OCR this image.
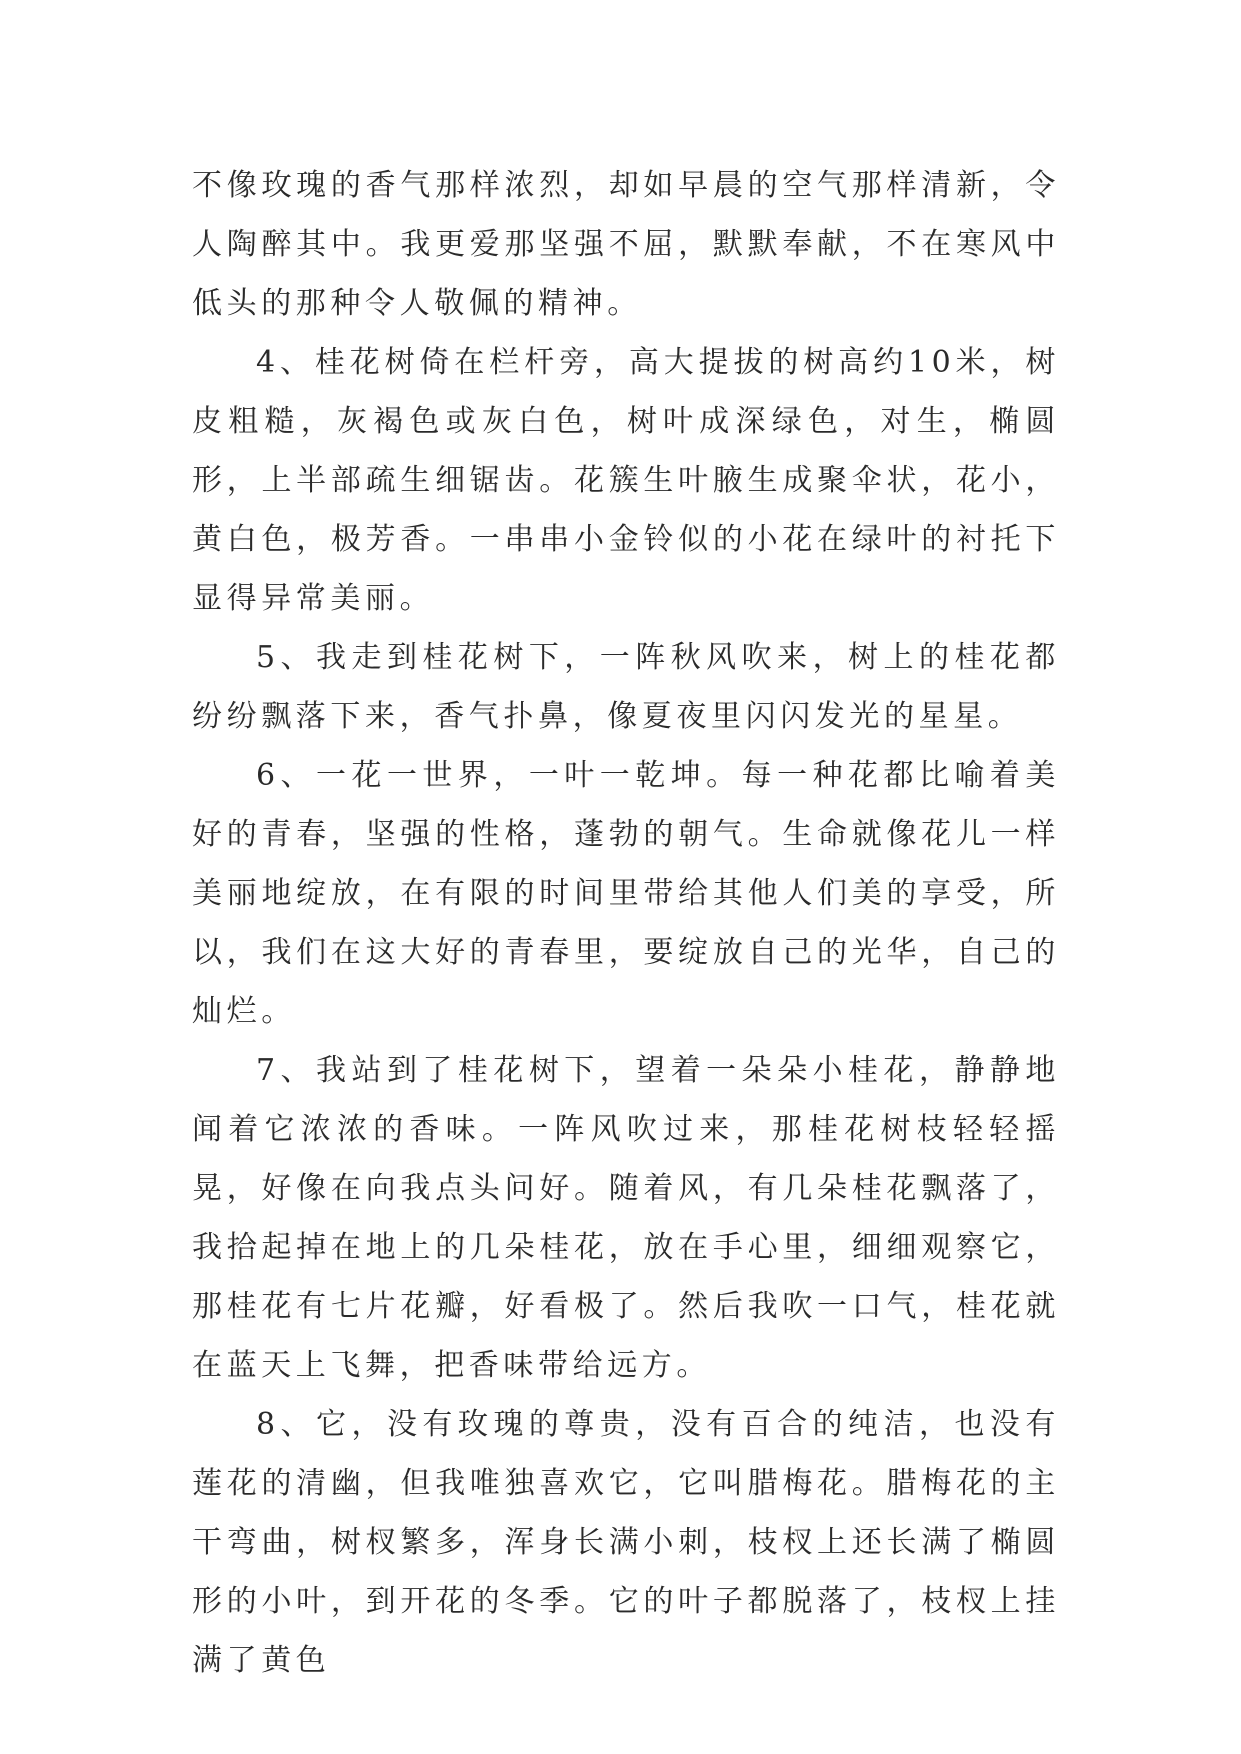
不像玫瑰的香气那样浓烈，却如早晨的空气那样清新，令人陶醉其中。我更爱那坚强不屈，默默奉献，不在寒风中低头的那种令人敬佩的精神。

4、桂花树倚在栏杆旁，高大提拔的树高约10米，树皮粗糙，灰褐色或灰白色，树叶成深绿色，对生，椭圆形，上半部疏生细锯齿。花簇生叶腋生成聚伞状，花小，黄白色，极芳香。一串串小金铃似的小花在绿叶的衬托下显得异常美丽。

5、我走到桂花树下，一阵秋风吹来，树上的桂花都纷纷飘落下来，香气扑鼻，像夏夜里闪闪发光的星星。

6、一花一世界，一叶一乾坤。每一种花都比喻着美好的青春，坚强的性格，蓬勃的朝气。生命就像花儿一样美丽地绽放，在有限的时间里带给其他人们美的享受，所以，我们在这大好的青春里，要绽放自己的光华，自己的灿烂。

7、我站到了桂花树下，望着一朵朵小桂花，静静地闻着它浓浓的香味。一阵风吹过来，那桂花树枝轻轻摇晃，好像在向我点头问好。随着风，有几朵桂花飘落了，我拾起掉在地上的几朵桂花，放在手心里，细细观察它，那桂花有七片花瓣，好看极了。然后我吹一口气，桂花就在蓝天上飞舞，把香味带给远方。

8、它，没有玫瑰的尊贵，没有百合的纯洁，也没有莲花的清幽，但我唯独喜欢它，它叫腊梅花。腊梅花的主干弯曲，树杈繁多，浑身长满小刺，枝杈上还长满了椭圆形的小叶，到开花的冬季。它的叶子都脱落了，枝杈上挂满了黄色
